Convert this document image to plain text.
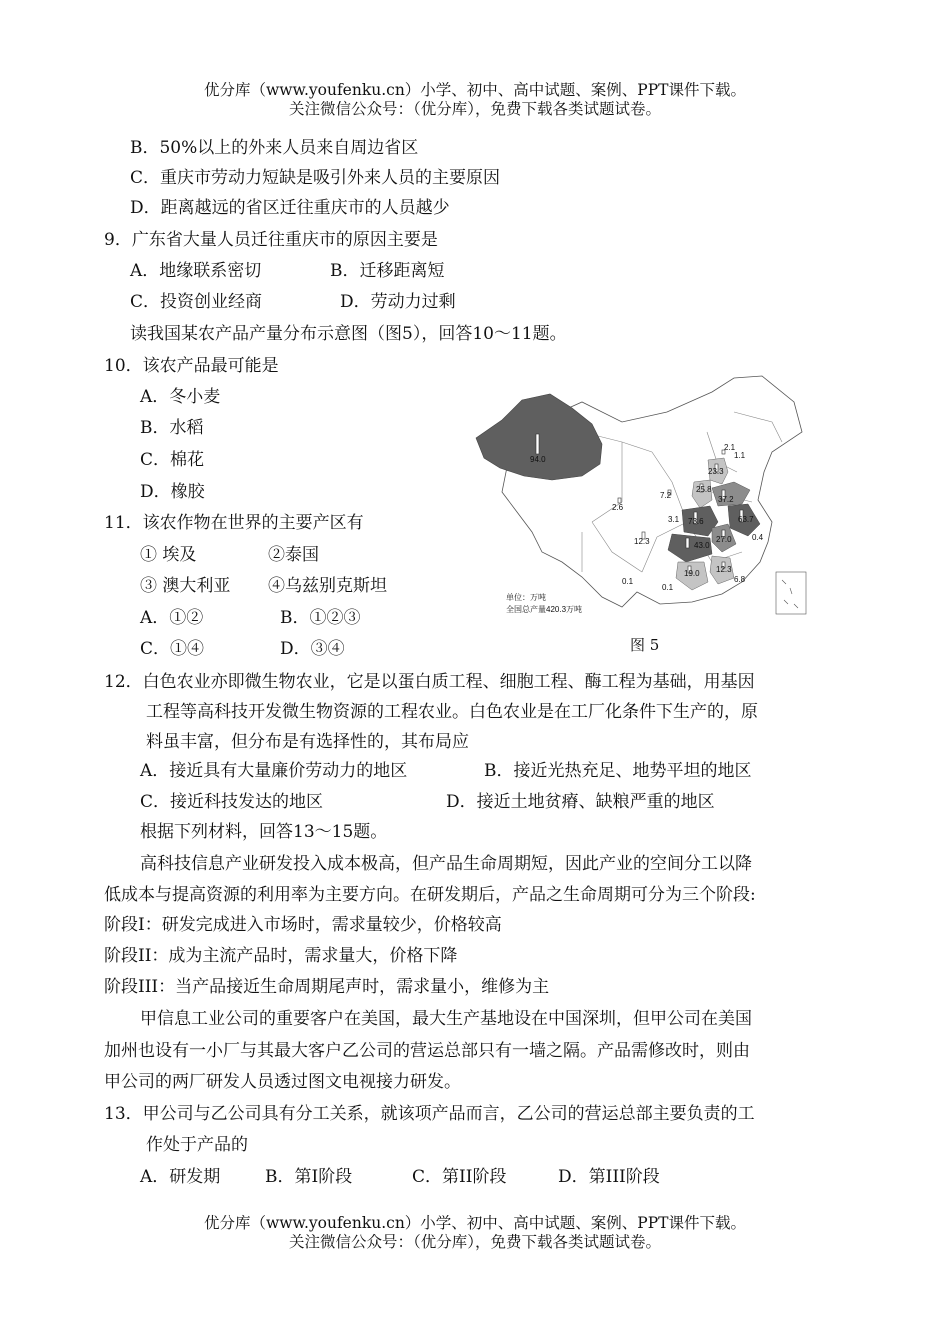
优分库（www.youfenku.cn）小学、初中、高中试题、案例、PPT课件下载。
关注微信公众号：（优分库），免费下载各类试题试卷。
B．50%以上的外来人员来自周边省区
C．重庆市劳动力短缺是吸引外来人员的主要原因
D．距离越远的省区迁往重庆市的人员越少
9．广东省大量人员迁往重庆市的原因主要是
A．地缘联系密切	B．迁移距离短
C．投资创业经商	D．劳动力过剩
读我国某农产品产量分布示意图（图5），回答10～11题。
10．该农产品最可能是
A．冬小麦
B．水稻
C．棉花
D．橡胶
11．该农作物在世界的主要产区有
① 埃及	②泰国
③ 澳大利亚 ④乌兹别克斯坦
A．①②	B．①②③
C．①④	D．③④
94.0
23.3
2.1
1.1
25.8
37.2
7.2
2.6
73.6	63.7
27.0	0.4
43.0
12.3
19.0 12.3
6.8
0.1
0.1
3.1
单位：万吨
全国总产量420.3万吨
图 5
12．白色农业亦即微生物农业，它是以蛋白质工程、细胞工程、酶工程为基础，用基因
工程等高科技开发微生物资源的工程农业。白色农业是在工厂化条件下生产的，原
料虽丰富，但分布是有选择性的，其布局应
A．接近具有大量廉价劳动力的地区	B．接近光热充足、地势平坦的地区
C．接近科技发达的地区	D．接近土地贫瘠、缺粮严重的地区
根据下列材料，回答13～15题。
高科技信息产业研发投入成本极高，但产品生命周期短，因此产业的空间分工以降
低成本与提高资源的利用率为主要方向。在研发期后，产品之生命周期可分为三个阶段:
阶段I：研发完成进入市场时，需求量较少，价格较高
阶段II：成为主流产品时，需求量大，价格下降
阶段III：当产品接近生命周期尾声时，需求量小，维修为主
甲信息工业公司的重要客户在美国，最大生产基地设在中国深圳，但甲公司在美国
加州也设有一小厂与其最大客户乙公司的营运总部只有一墙之隔。产品需修改时，则由
甲公司的两厂研发人员透过图文电视接力研发。
13．甲公司与乙公司具有分工关系，就该项产品而言，乙公司的营运总部主要负责的工
作处于产品的
A．研发期	B．第I阶段	C．第II阶段	D．第III阶段
优分库（www.youfenku.cn）小学、初中、高中试题、案例、PPT课件下载。
关注微信公众号：（优分库），免费下载各类试题试卷。
